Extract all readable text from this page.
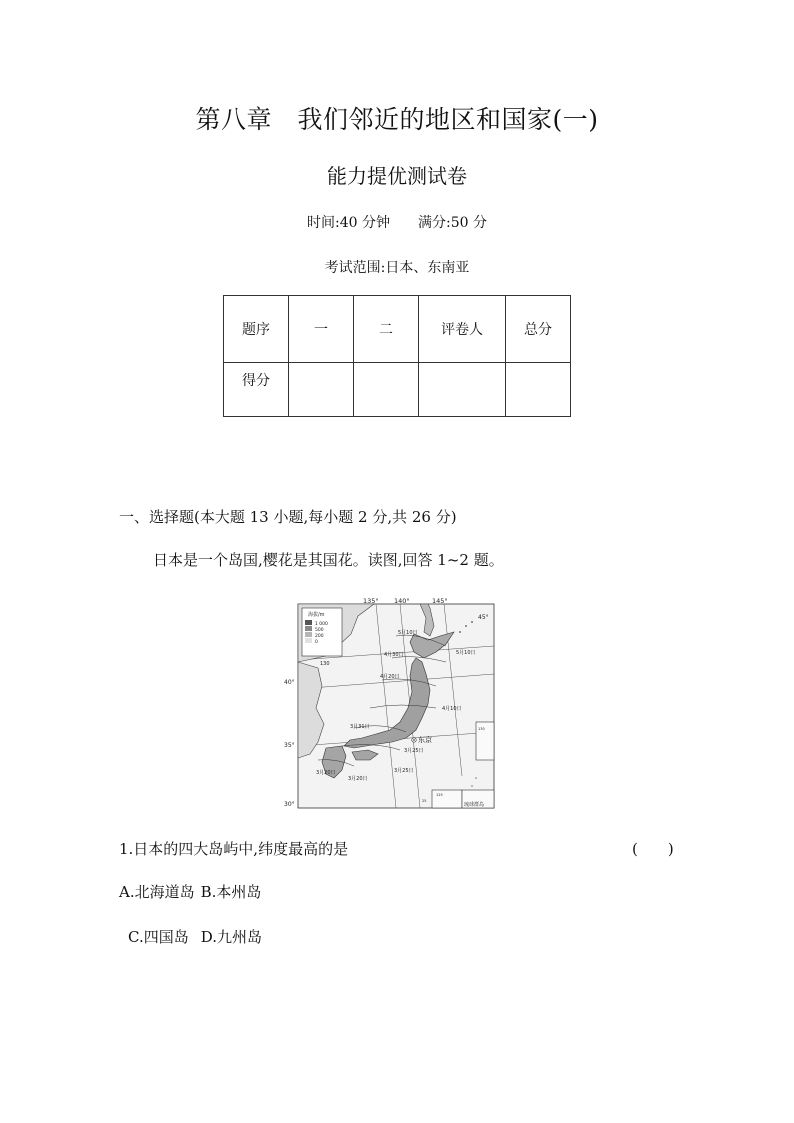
第八章　我们邻近的地区和国家(一)
能力提优测试卷
时间:40 分钟 满分:50 分
考试范围:日本、东南亚
题序	一	二	评卷人	总分
得分				
一、选择题(本大题 13 小题,每小题 2 分,共 26 分)
日本是一个岛国,樱花是其国花。读图,回答 1~2 题。
海拔/m
1 000
500
200
0
130
135° 140°	145°
45°
40°
35°
30°
5月10日
5月10日
4月30日
4月20日
4月10日
3月31日
3月25日
3月25日
3月20日
3月20日
东京
130
125
25
琉球群岛
1.日本的四大岛屿中,纬度最高的是	(　　)
A.北海道岛 B.本州岛
C.四国岛 D.九州岛
